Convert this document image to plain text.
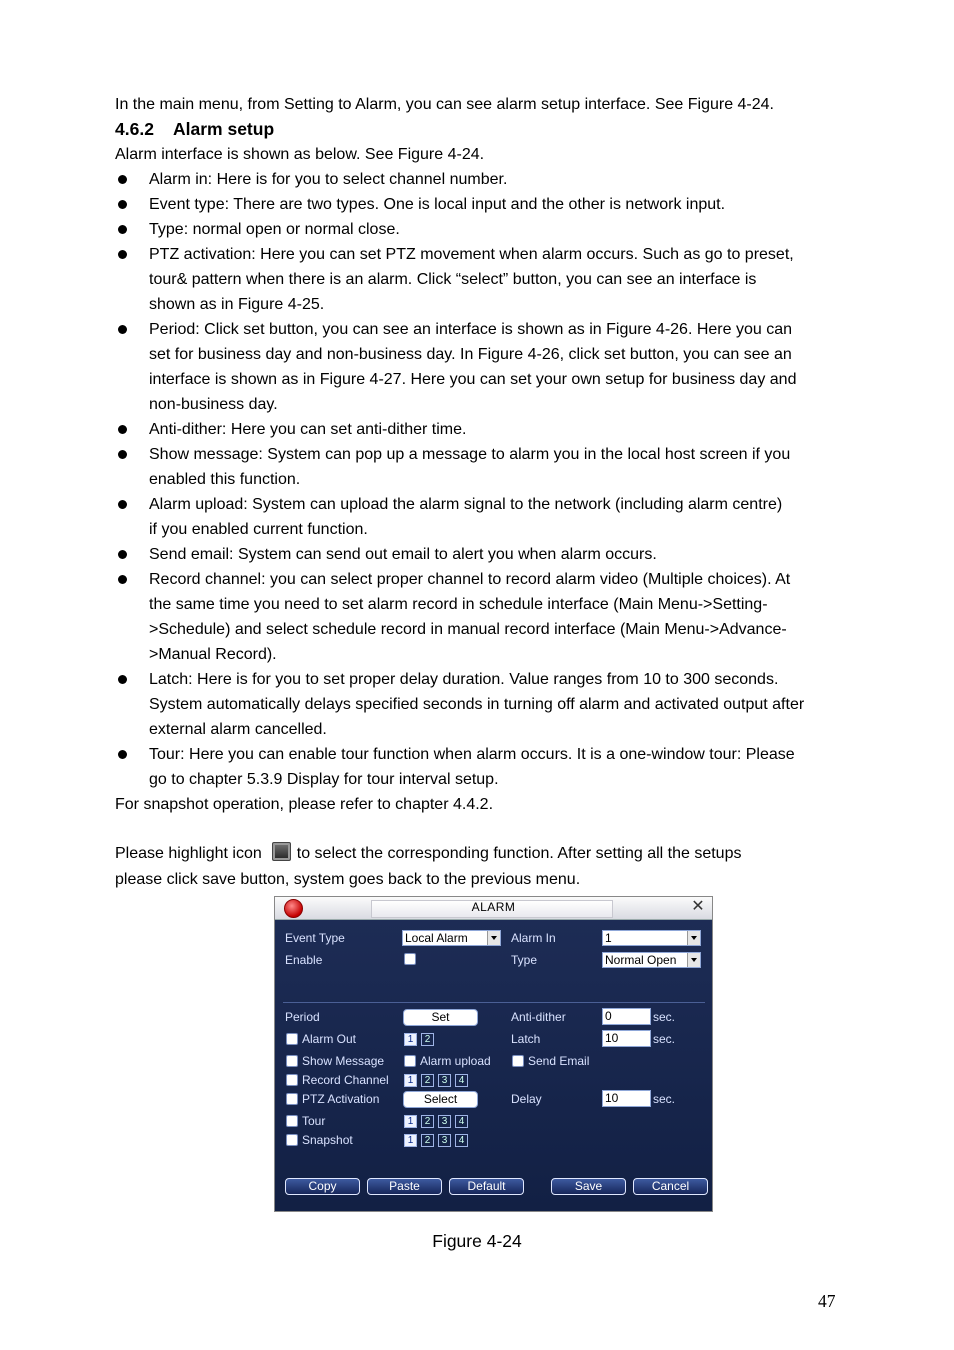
In the main menu, from Setting to Alarm, you can see alarm setup interface. See Figure 4-24.
4.6.2 Alarm setup
Alarm interface is shown as below. See Figure 4-24.
Alarm in: Here is for you to select channel number.
Event type: There are two types. One is local input and the other is network input.
Type: normal open or normal close.
PTZ activation: Here you can set PTZ movement when alarm occurs. Such as go to preset,
tour& pattern when there is an alarm. Click “select” button, you can see an interface is
shown as in Figure 4-25.
Period: Click set button, you can see an interface is shown as in Figure 4-26. Here you can
set for business day and non-business day. In Figure 4-26, click set button, you can see an
interface is shown as in Figure 4-27. Here you can set your own setup for business day and
non-business day.
Anti-dither: Here you can set anti-dither time.
Show message: System can pop up a message to alarm you in the local host screen if you
enabled this function.
Alarm upload: System can upload the alarm signal to the network (including alarm centre)
if you enabled current function.
Send email: System can send out email to alert you when alarm occurs.
Record channel: you can select proper channel to record alarm video (Multiple choices). At
the same time you need to set alarm record in schedule interface (Main Menu->Setting-
>Schedule) and select schedule record in manual record interface (Main Menu->Advance-
>Manual Record).
Latch: Here is for you to set proper delay duration. Value ranges from 10 to 300 seconds.
System automatically delays specified seconds in turning off alarm and activated output after
external alarm cancelled.
Tour: Here you can enable tour function when alarm occurs. It is a one-window tour: Please
go to chapter 5.3.9 Display for tour interval setup.
For snapshot operation, please refer to chapter 4.4.2.
Please highlight icon to select the corresponding function. After setting all the setups
please click save button, system goes back to the previous menu.
ALARM	✕
Event Type	Local Alarm	Alarm In	1
Enable	Type	Normal Open
Period	Set	Anti-dither	0	sec.
Alarm Out	1	2	Latch	10	sec.
Show Message	Alarm upload	Send Email
Record Channel	1	2	3	4
PTZ Activation	Select	Delay	10	sec.
Tour	1	2	3	4
Snapshot	1	2	3	4
Copy	Paste	Default	Save	Cancel
Figure 4-24
47
